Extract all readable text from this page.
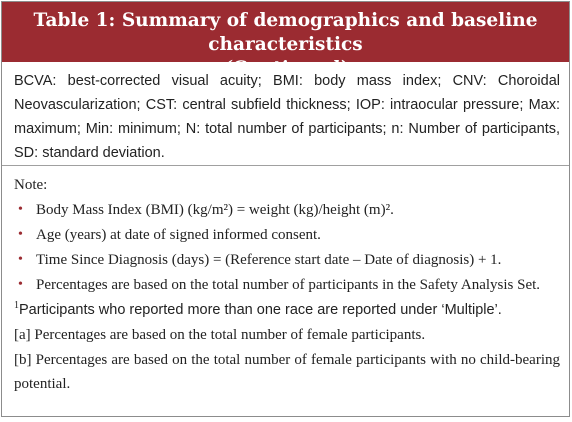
Table 1: Summary of demographics and baseline characteristics
(Continued)
BCVA: best-corrected visual acuity; BMI: body mass index; CNV: Choroidal Neovascularization; CST: central subfield thickness; IOP: intraocular pressure; Max: maximum; Min: minimum; N: total number of participants; n: Number of participants, SD: standard deviation.
Note:
• Body Mass Index (BMI) (kg/m²) = weight (kg)/height (m)².
• Age (years) at date of signed informed consent.
• Time Since Diagnosis (days) = (Reference start date – Date of diagnosis) + 1.
• Percentages are based on the total number of participants in the Safety Analysis Set.
$^1$Participants who reported more than one race are reported under ‘Multiple’.
[a] Percentages are based on the total number of female participants.
[b] Percentages are based on the total number of female participants with no child-bearing potential.
